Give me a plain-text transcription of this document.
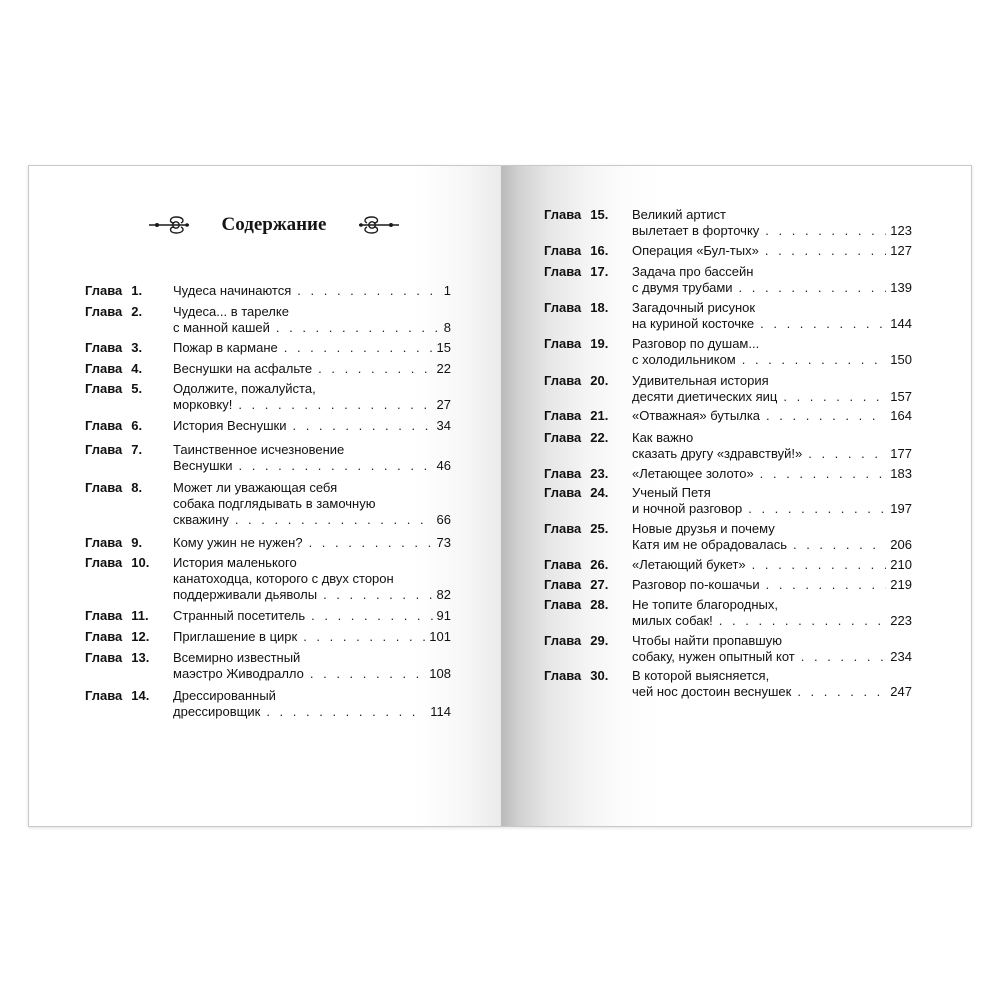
Содержание
Глава 1.	Чудеса начинаются . . .	1
Глава 2.	Чудеса... в тарелке
с манной кашей . . .	8
Глава 3.	Пожар в кармане . . .	15
Глава 4.	Веснушки на асфальте . . .	22
Глава 5.	Одолжите, пожалуйста,
морковку! . . .	27
Глава 6.	История Веснушки . . .	34
Глава 7.	Таинственное исчезновение
Веснушки . . .	46
Глава 8.	Может ли уважающая себя
собака подглядывать в замочную
скважину . . .	66
Глава 9.	Кому ужин не нужен? . . .	73
Глава 10.	История маленького
канатоходца, которого с двух сторон
поддерживали дьяволы . . .	82
Глава 11.	Странный посетитель . . .	91
Глава 12.	Приглашение в цирк . . .	101
Глава 13.	Всемирно известный
маэстро Живодралло . . .	108
Глава 14.	Дрессированный
дрессировщик . . .	114
Глава 15.	Великий артист
вылетает в форточку . . .	123
Глава 16.	Операция «Бул-тых» . . .	127
Глава 17.	Задача про бассейн
с двумя трубами . . .	139
Глава 18.	Загадочный рисунок
на куриной косточке . . .	144
Глава 19.	Разговор по душам...
с холодильником . . .	150
Глава 20.	Удивительная история
десяти диетических яиц . . .	157
Глава 21.	«Отважная» бутылка . . .	164
Глава 22.	Как важно
сказать другу «здравствуй!» . . .	177
Глава 23.	«Летающее золото» . . .	183
Глава 24.	Ученый Петя
и ночной разговор . . .	197
Глава 25.	Новые друзья и почему
Катя им не обрадовалась . . .	206
Глава 26.	«Летающий букет» . . .	210
Глава 27.	Разговор по-кошачьи . . .	219
Глава 28.	Не топите благородных,
милых собак! . . .	223
Глава 29.	Чтобы найти пропавшую
собаку, нужен опытный кот . . .	234
Глава 30.	В которой выясняется,
чей нос достоин веснушек . . .	247
